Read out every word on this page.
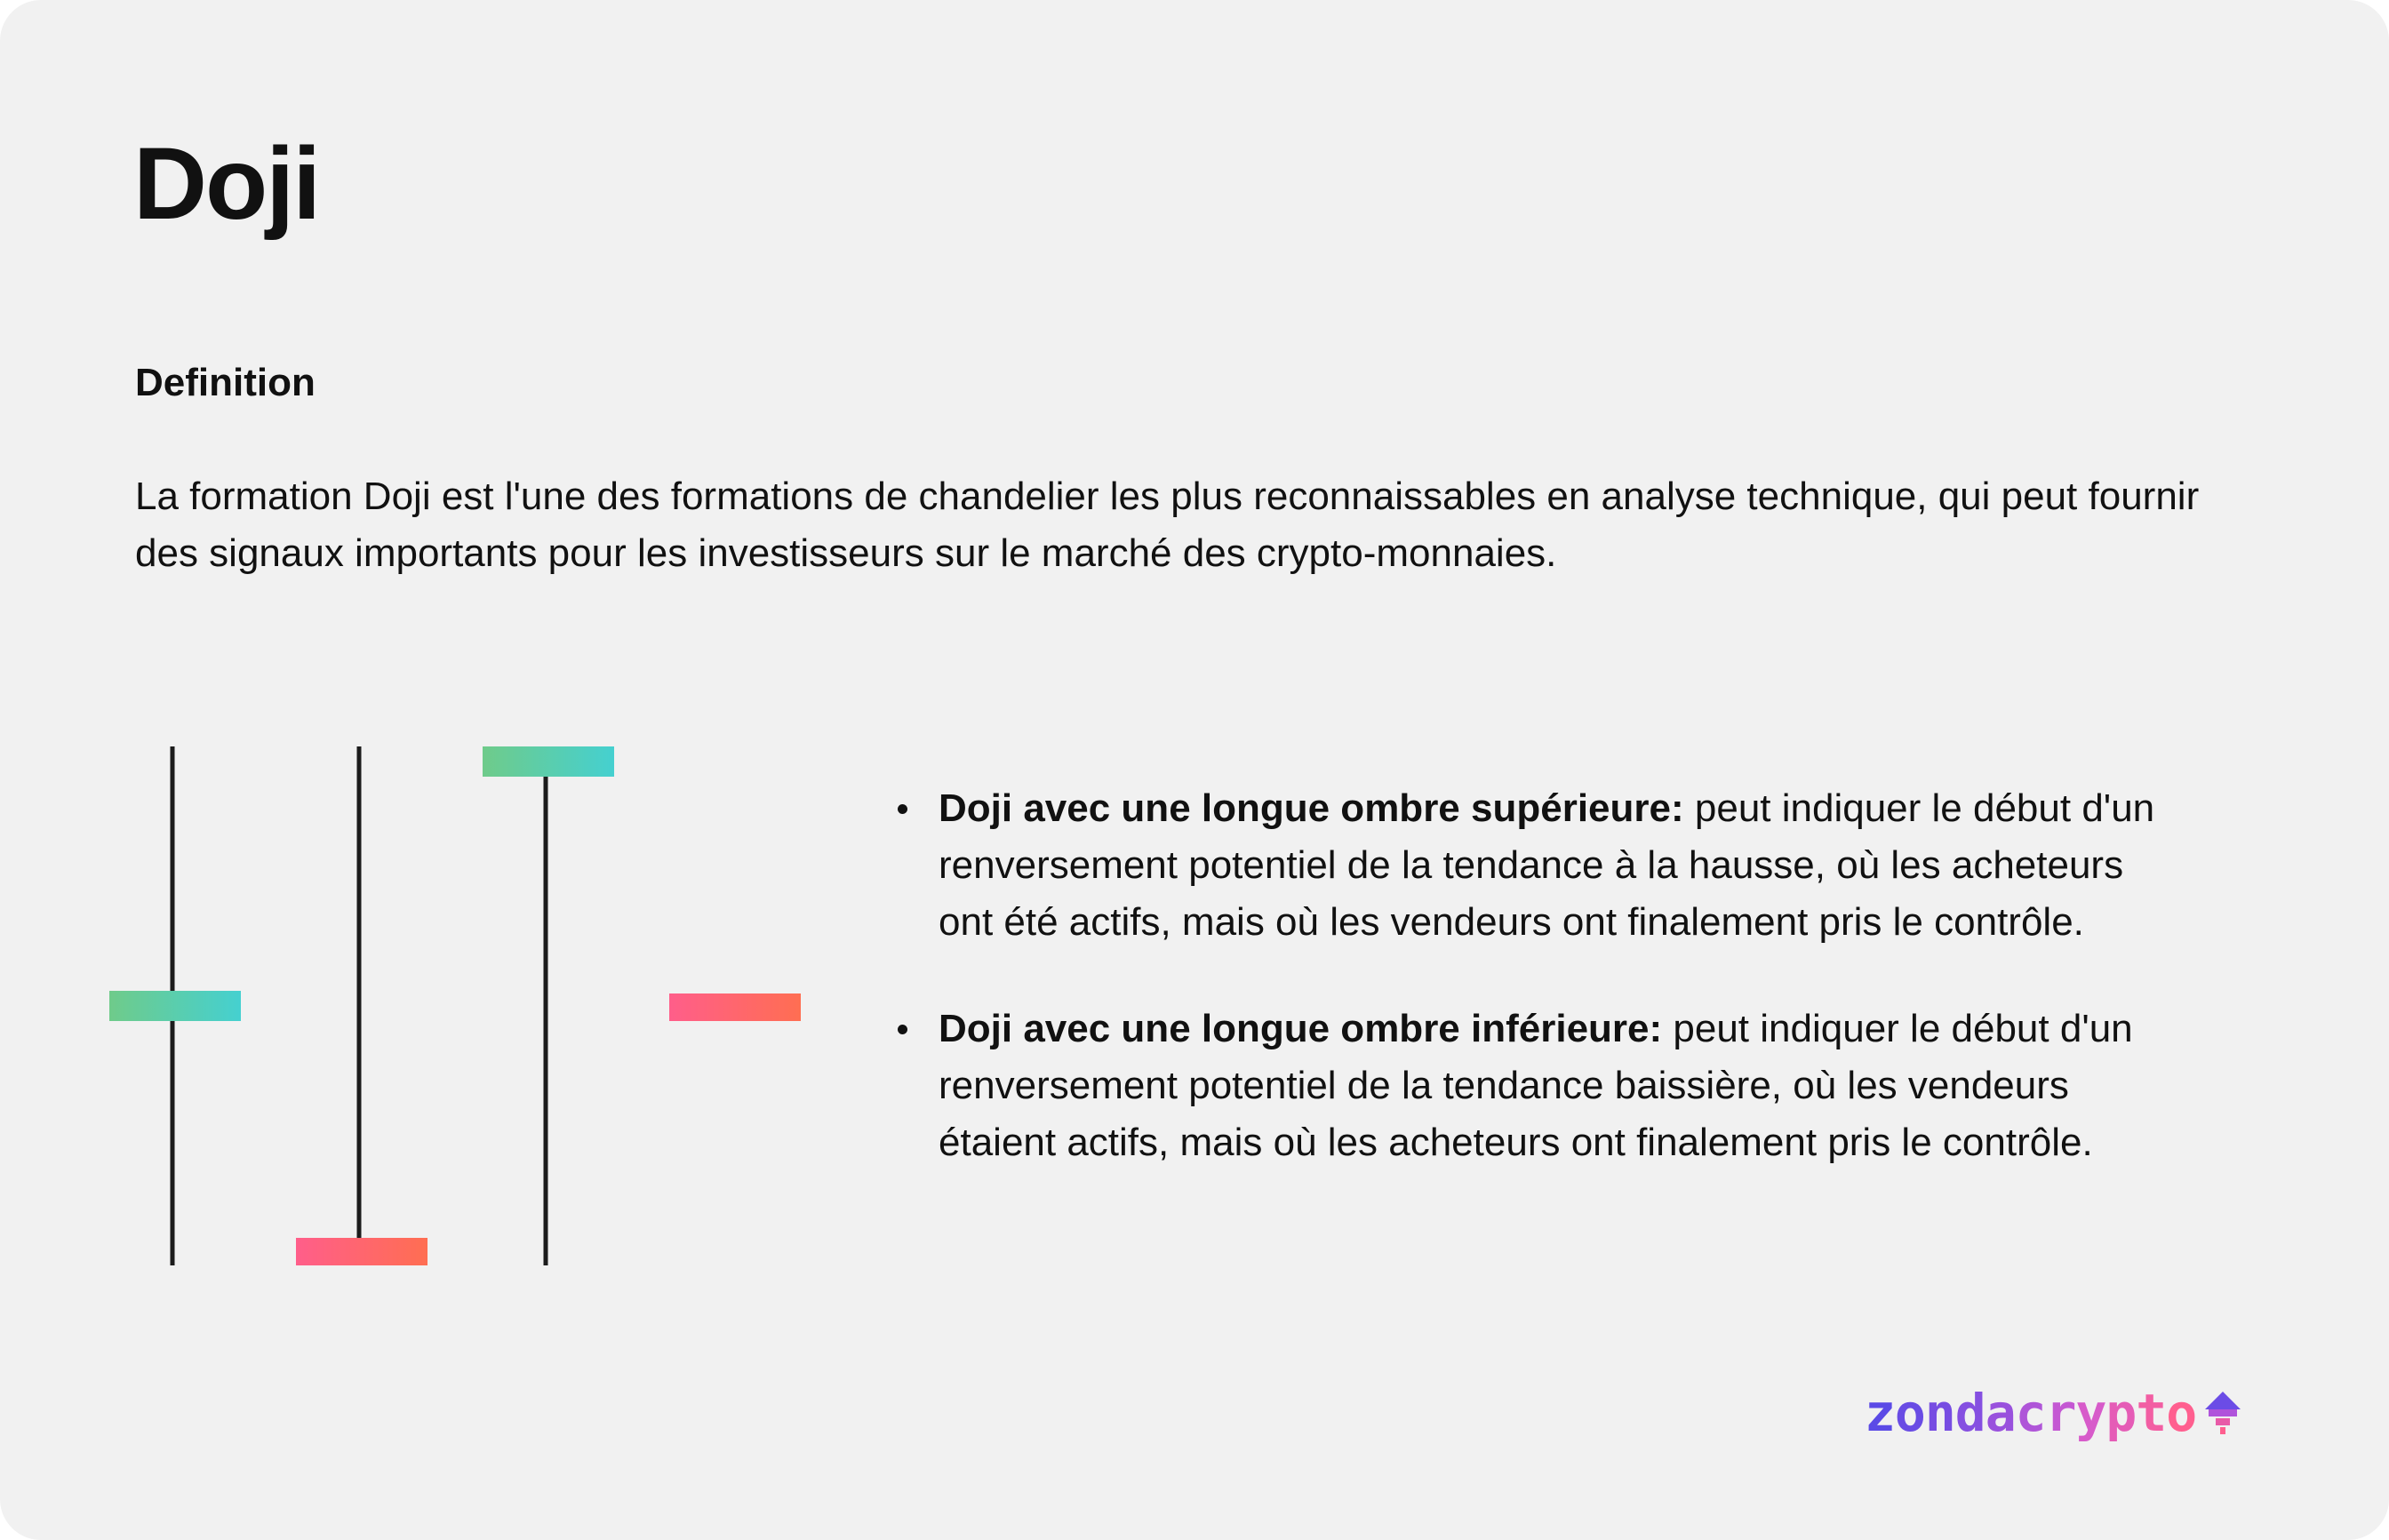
Doji
Definition

La formation Doji est l'une des formations de chandelier les plus reconnaissables en analyse technique, qui peut fournir des signaux importants pour les investisseurs sur le marché des crypto-monnaies.

Doji avec une longue ombre supérieure: peut indiquer le début d'un renversement potentiel de la tendance à la hausse, où les acheteurs ont été actifs, mais où les vendeurs ont finalement pris le contrôle.
Doji avec une longue ombre inférieure: peut indiquer le début d'un renversement potentiel de la tendance baissière, où les vendeurs étaient actifs, mais où les acheteurs ont finalement pris le contrôle.
zondacrypto
